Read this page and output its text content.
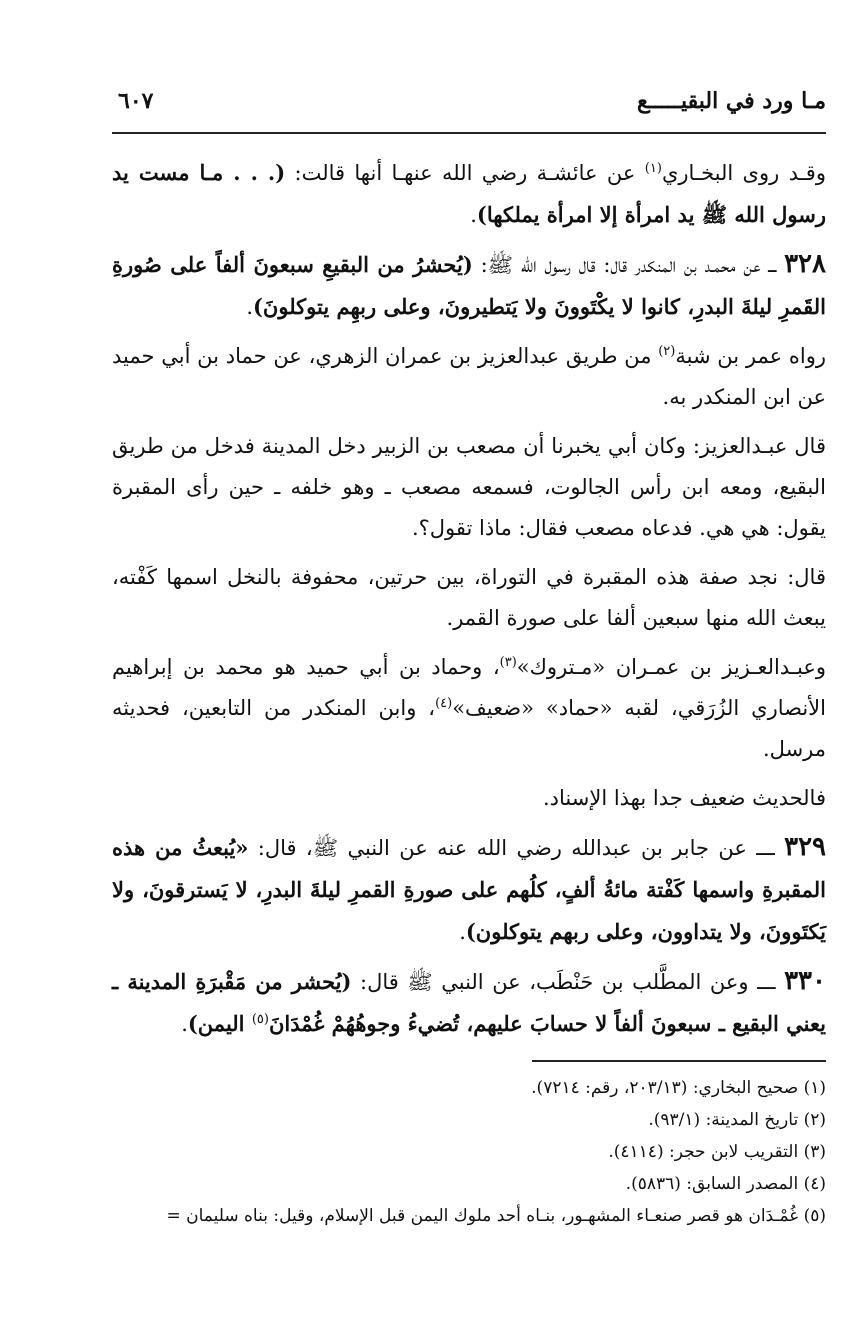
مـا ورد في البقيـــــع
٦٠٧

وقـد روى البخـاري$^{(١)}$ عن عائشـة رضي الله عنهـا أنها قالت: (. . . مـا مست يد رسول الله ﷺ يد امرأة إلا امرأة يملكها).

٣٢٨ ـــ عن محمـد بن المنكدر قال: قال رسول الله ﷺ: (يُحشرُ من البقيعِ سبعونَ ألفاً على صُورةِ القَمرِ ليلةَ البدرِ، كانوا لا يكْتَوونَ ولا يَتطيرونَ، وعلى ربهِم يتوكلونَ).

رواه عمر بن شبة$^{(٢)}$ من طريق عبدالعزيز بن عمران الزهري، عن حماد بن أبي حميد عن ابن المنكدر به.

قال عبـدالعزيز: وكان أبي يخبرنا أن مصعب بن الزبير دخل المدينة فدخل من طريق البقيع، ومعه ابن رأس الجالوت، فسمعه مصعب ـ وهو خلفه ـ حين رأى المقبرة يقول: هي هي. فدعاه مصعب فقال: ماذا تقول؟.

قال: نجد صفة هذه المقبرة في التوراة، بين حرتين، محفوفة بالنخل اسمها كَفْته، يبعث الله منها سبعين ألفا على صورة القمر.

وعبـدالعـزيز بن عمـران «مـتروك»$^{(٣)}$، وحماد بن أبي حميد هو محمد بن إبراهيم الأنصاري الزُرَقي، لقبه «حماد» «ضعيف»$^{(٤)}$، وابن المنكدر من التابعين، فحديثه مرسل.

فالحديث ضعيف جدا بهذا الإسناد.

٣٢٩ ـــ عن جابر بن عبدالله رضي الله عنه عن النبي ﷺ، قال: «يُبعثُ من هذه المقبرةِ واسمها كَفْتة مائةُ ألفٍ، كلُهم على صورةِ القمرِ ليلةَ البدرِ، لا يَسترقونَ، ولا يَكتَوونَ، ولا يتداوون، وعلى ربهم يتوكلون).

٣٣٠ ـــ وعن المطَّلب بن حَنْطَب، عن النبي ﷺ قال: (يُحشر من مَقْبرَةِ المدينة ـ يعني البقيع ـ سبعونَ ألفاً لا حسابَ عليهم، تُضيءُ وجوهُهُمْ غُمْدَانَ$^{(٥)}$ اليمن).

(١) صحيح البخاري: (٢٠٣/١٣، رقم: ٧٢١٤).
(٢) تاريخ المدينة: (٩٣/١).
(٣) التقريب لابن حجر: (٤١١٤).
(٤) المصدر السابق: (٥٨٣٦).
(٥) غُمْـدَان هو قصر صنعـاء المشهـور، بنـاه أحد ملوك اليمن قبل الإسلام، وقيل: بناه سليمان =
